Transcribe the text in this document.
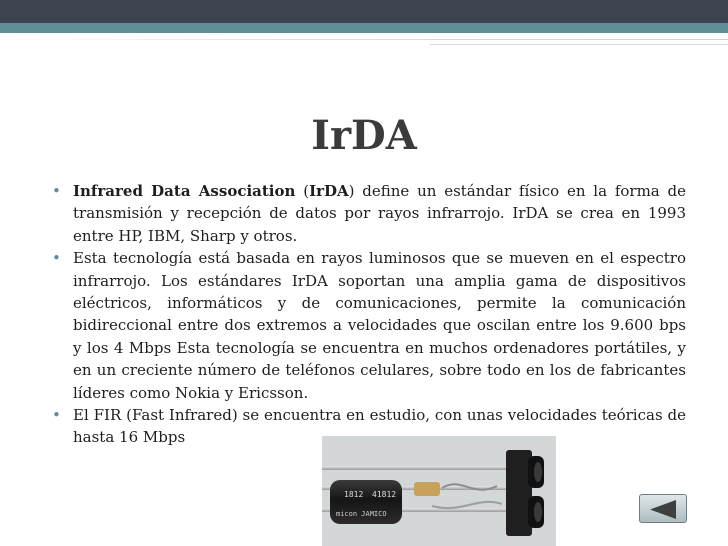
IrDA
• Infrared Data Association (IrDA) define un estándar físico en la forma de transmisión y recepción de datos por rayos infrarrojo. IrDA se crea en 1993 entre HP, IBM, Sharp y otros.
• Esta tecnología está basada en rayos luminosos que se mueven en el espectro infrarrojo. Los estándares IrDA soportan una amplia gama de dispositivos eléctricos, informáticos y de comunicaciones, permite la comunicación bidireccional entre dos extremos a velocidades que oscilan entre los 9.600 bps y los 4 Mbps Esta tecnología se encuentra en muchos ordenadores portátiles, y en un creciente número de teléfonos celulares, sobre todo en los de fabricantes líderes como Nokia y Ericsson.
• El FIR (Fast Infrared) se encuentra en estudio, con unas velocidades teóricas de hasta 16 Mbps
1812 41812
micon JAMICO
